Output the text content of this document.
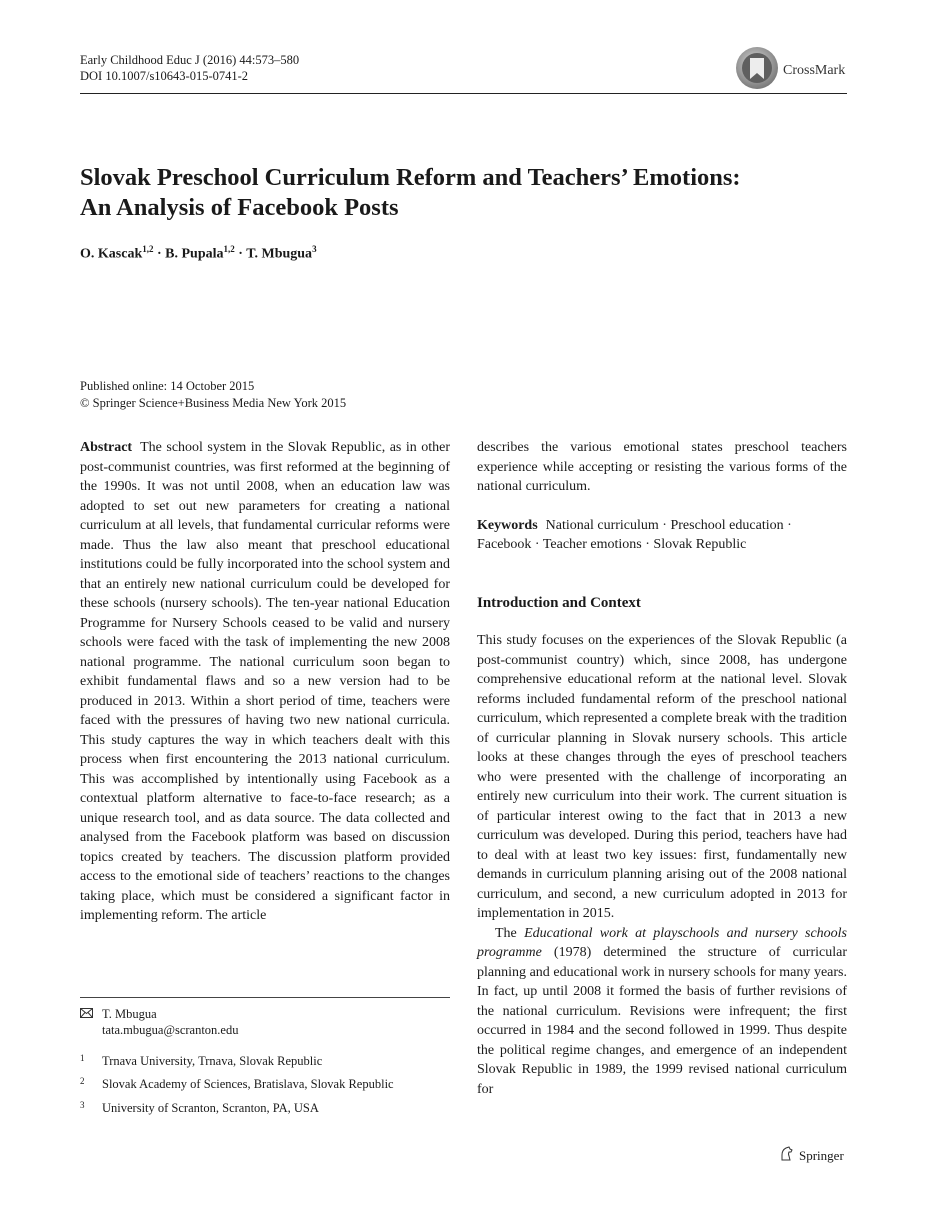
Early Childhood Educ J (2016) 44:573–580
DOI 10.1007/s10643-015-0741-2	CrossMark
Slovak Preschool Curriculum Reform and Teachers’ Emotions:
An Analysis of Facebook Posts
O. Kascak$^{1,2}$ · B. Pupala$^{1,2}$ · T. Mbugua$^3$
Published online: 14 October 2015
© Springer Science+Business Media New York 2015
Abstract The school system in the Slovak Republic, as in other post-communist countries, was first reformed at the beginning of the 1990s. It was not until 2008, when an education law was adopted to set out new parameters for creating a national curriculum at all levels, that fundamental curricular reforms were made. Thus the law also meant that preschool educational institutions could be fully incorporated into the school system and that an entirely new national curriculum could be developed for these schools (nursery schools). The ten-year national Education Programme for Nursery Schools ceased to be valid and nursery schools were faced with the task of implementing the new 2008 national programme. The national curriculum soon began to exhibit fundamental flaws and so a new version had to be produced in 2013. Within a short period of time, teachers were faced with the pressures of having two new national curricula. This study captures the way in which teachers dealt with this process when first encountering the 2013 national curriculum. This was accomplished by intentionally using Facebook as a contextual platform alternative to face-to-face research; as a unique research tool, and as data source. The data collected and analysed from the Facebook platform was based on discussion topics created by teachers. The discussion platform provided access to the emotional side of teachers’ reactions to the changes taking place, which must be considered a significant factor in implementing reform. The article
describes the various emotional states preschool teachers experience while accepting or resisting the various forms of the national curriculum.
Keywords National curriculum · Preschool education · Facebook · Teacher emotions · Slovak Republic
Introduction and Context
This study focuses on the experiences of the Slovak Republic (a post-communist country) which, since 2008, has undergone comprehensive educational reform at the national level. Slovak reforms included fundamental reform of the preschool national curriculum, which represented a complete break with the tradition of curricular planning in Slovak nursery schools. This article looks at these changes through the eyes of preschool teachers who were presented with the challenge of incorporating an entirely new curriculum into their work. The current situation is of particular interest owing to the fact that in 2013 a new curriculum was developed. During this period, teachers have had to deal with at least two key issues: first, fundamentally new demands in curriculum planning arising out of the 2008 national curriculum, and second, a new curriculum adopted in 2013 for implementation in 2015.
The Educational work at playschools and nursery schools programme (1978) determined the structure of curricular planning and educational work in nursery schools for many years. In fact, up until 2008 it formed the basis of further revisions of the national curriculum. Revisions were infrequent; the first occurred in 1984 and the second followed in 1999. Thus despite the political regime changes, and emergence of an independent Slovak Republic in 1989, the 1999 revised national curriculum for
T. Mbugua
tata.mbugua@scranton.edu
1 Trnava University, Trnava, Slovak Republic
2 Slovak Academy of Sciences, Bratislava, Slovak Republic
3 University of Scranton, Scranton, PA, USA
Springer
